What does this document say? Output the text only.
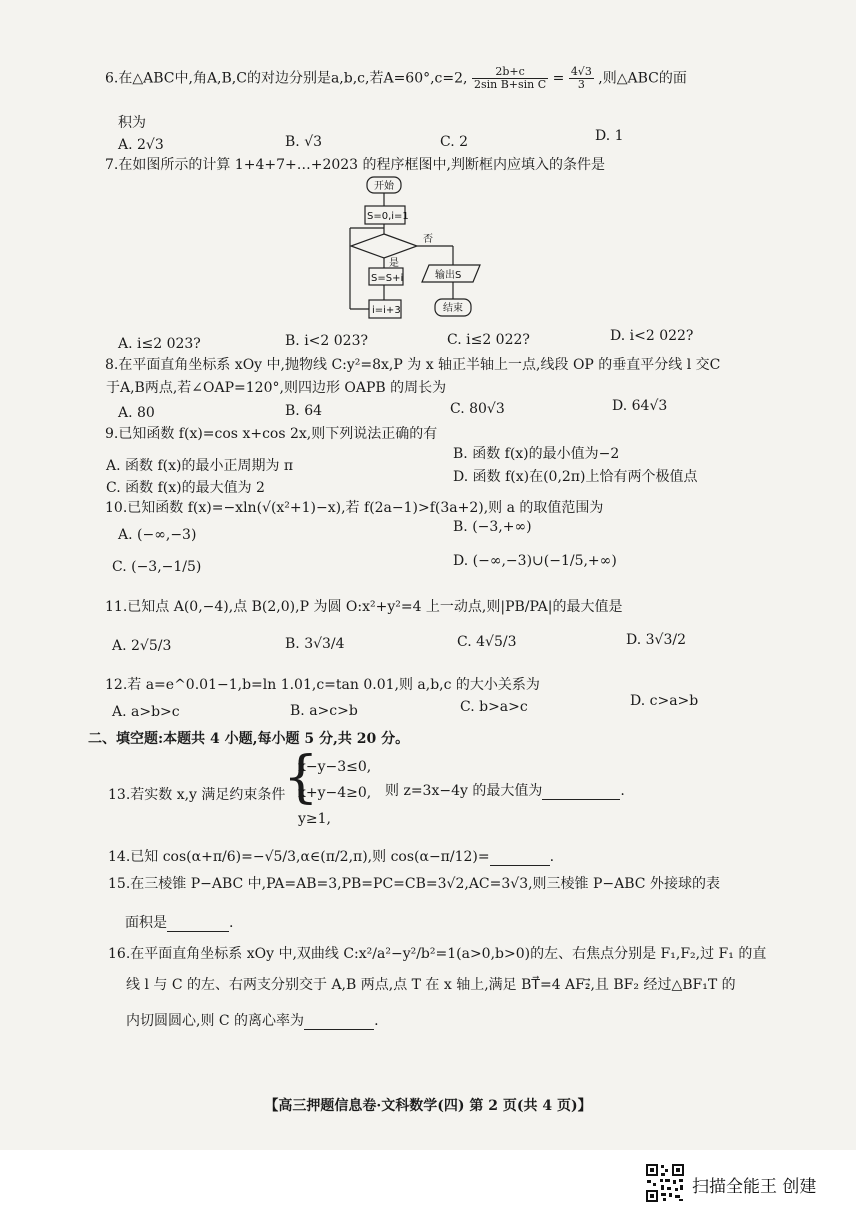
6.在△ABC中,角A,B,C的对边分别是a,b,c,若A=60°,c=2, $\frac{2b+c}{\text{2sin B+sin C}} = \frac{4√3}{3}$ ,则△ABC的面
积为
A. 2√3	B. √3	C. 2	D. 1
7.在如图所示的计算 1+4+7+…+2023 的程序框图中,判断框内应填入的条件是
开始
S=0,i=1
否
是
S=S+i	输出S
i=i+3	结束
A. i≤2 023?	B. i<2 023?	C. i≤2 022?	D. i<2 022?
8.在平面直角坐标系 xOy 中,抛物线 C:y²=8x,P 为 x 轴正半轴上一点,线段 OP 的垂直平分线 l 交C
于A,B两点,若∠OAP=120°,则四边形 OAPB 的周长为
A. 80	B. 64	C. 80√3	D. 64√3
9.已知函数 f(x)=cos x+cos 2x,则下列说法正确的有
A. 函数 f(x)的最小正周期为 π
B. 函数 f(x)的最小值为−2
C. 函数 f(x)的最大值为 2
D. 函数 f(x)在(0,2π)上恰有两个极值点
10.已知函数 f(x)=−xln(√(x²+1)−x),若 f(2a−1)>f(3a+2),则 a 的取值范围为
A. (−∞,−3)	B. (−3,+∞)
C. (−3,−1/5)	D. (−∞,−3)∪(−1/5,+∞)
11.已知点 A(0,−4),点 B(2,0),P 为圆 O:x²+y²=4 上一动点,则|PB/PA|的最大值是
A. 2√5/3	B. 3√3/4	C. 4√5/3	D. 3√3/2
12.若 a=e^0.01−1,b=ln 1.01,c=tan 0.01,则 a,b,c 的大小关系为
A. a>b>c	B. a>c>b	C. b>a>c	D. c>a>b
二、填空题:本题共 4 小题,每小题 5 分,共 20 分。
13.若实数 x,y 满足约束条件
{
x−y−3≤0,
x+y−4≥0,
y≥1,
则 z=3x−4y 的最大值为	.
14.已知 cos(α+π/6)=−√5/3,α∈(π/2,π),则 cos(α−π/12)=	.
15.在三棱锥 P−ABC 中,PA=AB=3,PB=PC=CB=3√2,AC=3√3,则三棱锥 P−ABC 外接球的表
面积是	.
16.在平面直角坐标系 xOy 中,双曲线 C:x²/a²−y²/b²=1(a>0,b>0)的左、右焦点分别是 F₁,F₂,过 F₁ 的直
线 l 与 C 的左、右两支分别交于 A,B 两点,点 T 在 x 轴上,满足 BT⃗=4 AF₂⃗,且 BF₂ 经过△BF₁T 的
内切圆圆心,则 C 的离心率为	.
【高三押题信息卷·文科数学(四) 第 2 页(共 4 页)】
扫描全能王 创建
